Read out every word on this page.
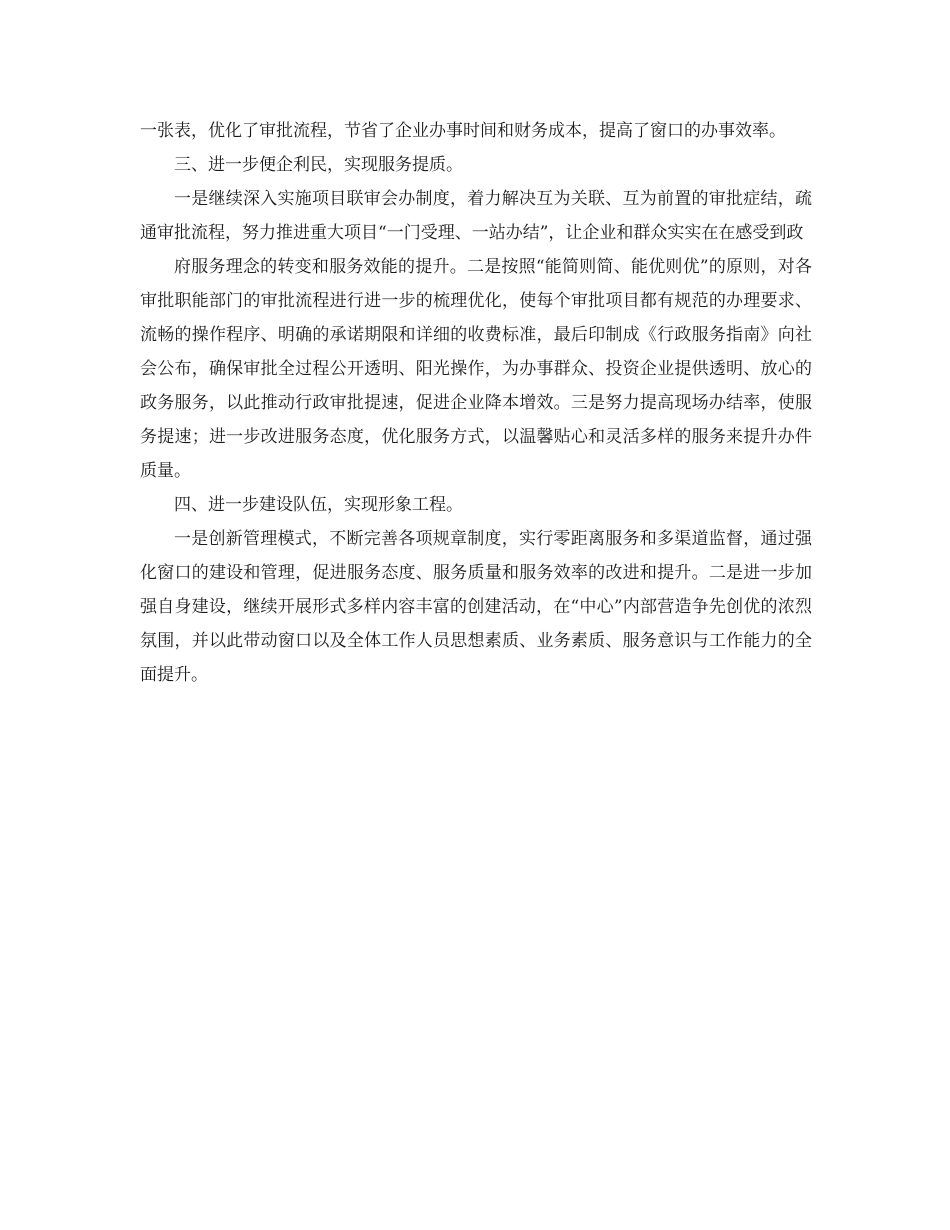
一张表，优化了审批流程，节省了企业办事时间和财务成本，提高了窗口的办事效率。

三、进一步便企利民，实现服务提质。

一是继续深入实施项目联审会办制度，着力解决互为关联、互为前置的审批症结，疏通审批流程，努力推进重大项目“一门受理、一站办结”，让企业和群众实实在在感受到政

府服务理念的转变和服务效能的提升。二是按照“能简则简、能优则优”的原则，对各审批职能部门的审批流程进行进一步的梳理优化，使每个审批项目都有规范的办理要求、流畅的操作程序、明确的承诺期限和详细的收费标准，最后印制成《行政服务指南》向社会公布，确保审批全过程公开透明、阳光操作，为办事群众、投资企业提供透明、放心的政务服务，以此推动行政审批提速，促进企业降本增效。三是努力提高现场办结率，使服务提速；进一步改进服务态度，优化服务方式，以温馨贴心和灵活多样的服务来提升办件质量。

四、进一步建设队伍，实现形象工程。

一是创新管理模式，不断完善各项规章制度，实行零距离服务和多渠道监督，通过强化窗口的建设和管理，促进服务态度、服务质量和服务效率的改进和提升。二是进一步加强自身建设，继续开展形式多样内容丰富的创建活动，在“中心”内部营造争先创优的浓烈氛围，并以此带动窗口以及全体工作人员思想素质、业务素质、服务意识与工作能力的全面提升。
